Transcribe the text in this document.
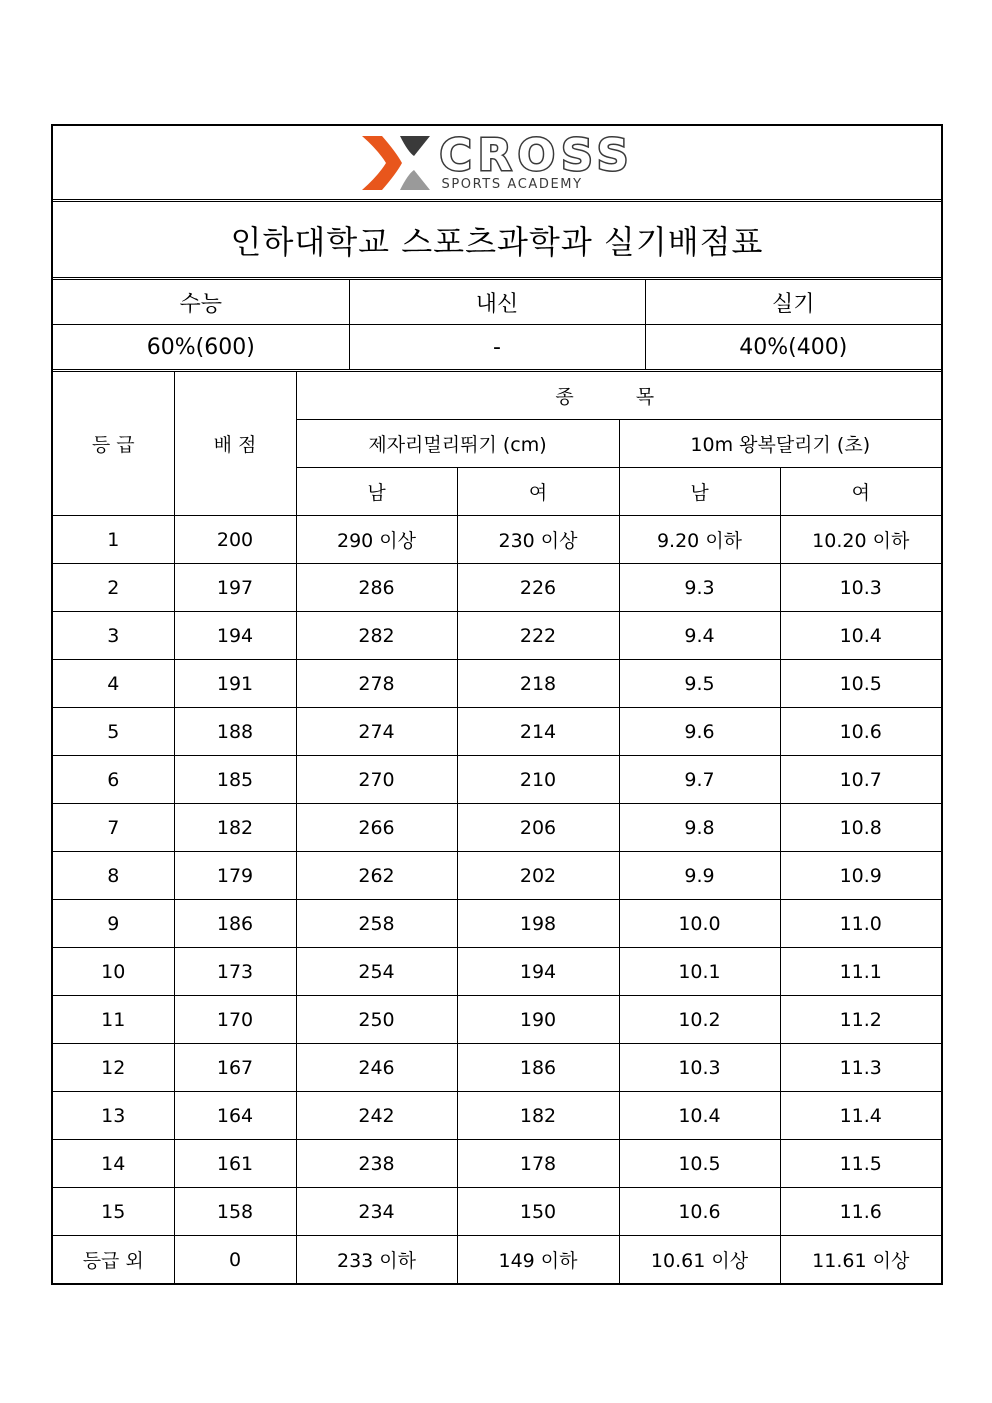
CROSS
SPORTS ACADEMY
인하대학교 스포츠과학과 실기배점표
수능	내신	실기
60%(600)	-	40%(400)
등 급	배 점	종 목			
		제자리멀리뛰기 (cm)		10m 왕복달리기 (초)	
		남	여	남	여
1	200	290 이상	230 이상	9.20 이하	10.20 이하
2	197	286	226	9.3	10.3
3	194	282	222	9.4	10.4
4	191	278	218	9.5	10.5
5	188	274	214	9.6	10.6
6	185	270	210	9.7	10.7
7	182	266	206	9.8	10.8
8	179	262	202	9.9	10.9
9	186	258	198	10.0	11.0
10	173	254	194	10.1	11.1
11	170	250	190	10.2	11.2
12	167	246	186	10.3	11.3
13	164	242	182	10.4	11.4
14	161	238	178	10.5	11.5
15	158	234	150	10.6	11.6
등급 외	0	233 이하	149 이하	10.61 이상	11.61 이상
